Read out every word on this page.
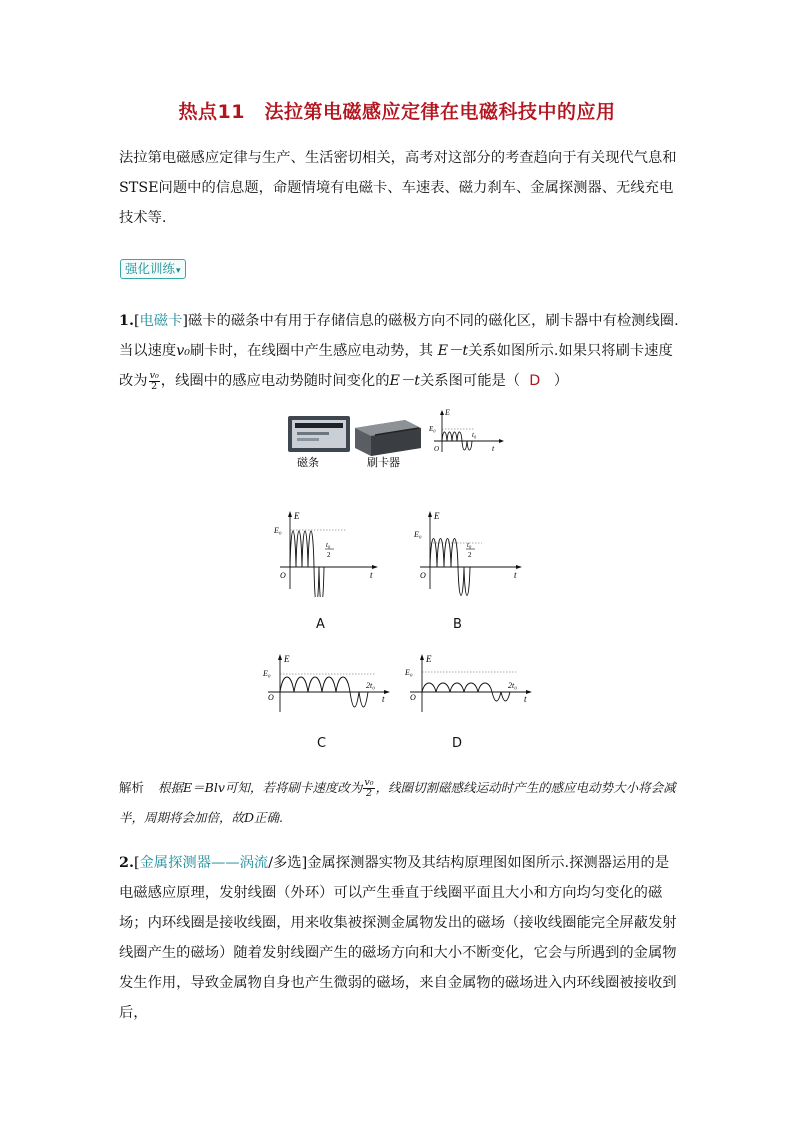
热点11　法拉第电磁感应定律在电磁科技中的应用
法拉第电磁感应定律与生产、生活密切相关，高考对这部分的考查趋向于有关现代气息和STSE问题中的信息题，命题情境有电磁卡、车速表、磁力刹车、金属探测器、无线充电技术等.
强化训练▾
1.[电磁卡]磁卡的磁条中有用于存储信息的磁极方向不同的磁化区，刷卡器中有检测线圈.当以速度v₀刷卡时，在线圈中产生感应电动势，其 E－t关系如图所示.如果只将刷卡速度改为 $\frac{\text{v₀}}{2}$ ，线圈中的感应电动势随时间变化的E－t关系图可能是（ D ）
磁条	刷卡器
E
E₀
O
t₀
t
E
E₀
O
t₀
2
t
A
E
E₀
O
t₀
2
t
B
E
E₀
O
2t₀
t
C
E
E₀
O
2t₀
t
D
解析 根据E＝Blv可知，若将刷卡速度改为 $\frac{\text{v₀}}{2}$ ，线圈切割磁感线运动时产生的感应电动势大小将会减半，周期将会加倍，故D正确.
2.[金属探测器——涡流/多选]金属探测器实物及其结构原理图如图所示.探测器运用的是电磁感应原理，发射线圈（外环）可以产生垂直于线圈平面且大小和方向均匀变化的磁场；内环线圈是接收线圈，用来收集被探测金属物发出的磁场（接收线圈能完全屏蔽发射线圈产生的磁场）随着发射线圈产生的磁场方向和大小不断变化，它会与所遇到的金属物发生作用，导致金属物自身也产生微弱的磁场，来自金属物的磁场进入内环线圈被接收到后，
